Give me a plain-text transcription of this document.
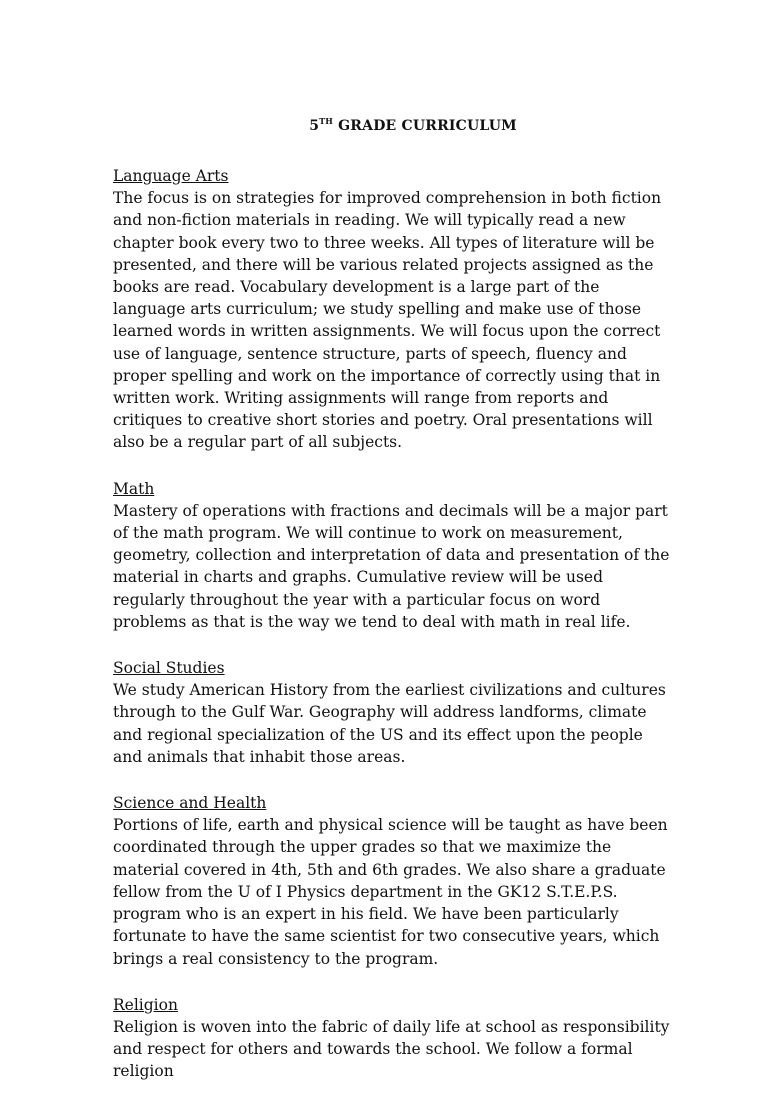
5TH GRADE CURRICULUM
Language Arts

The focus is on strategies for improved comprehension in both fiction and non-fiction materials in reading. We will typically read a new chapter book every two to three weeks. All types of literature will be presented, and there will be various related projects assigned as the books are read. Vocabulary development is a large part of the language arts curriculum; we study spelling and make use of those learned words in written assignments. We will focus upon the correct use of language, sentence structure, parts of speech, fluency and proper spelling and work on the importance of correctly using that in written work. Writing assignments will range from reports and critiques to creative short stories and poetry. Oral presentations will also be a regular part of all subjects.

Math

Mastery of operations with fractions and decimals will be a major part of the math program. We will continue to work on measurement, geometry, collection and interpretation of data and presentation of the material in charts and graphs. Cumulative review will be used regularly throughout the year with a particular focus on word problems as that is the way we tend to deal with math in real life.

Social Studies

We study American History from the earliest civilizations and cultures through to the Gulf War. Geography will address landforms, climate and regional specialization of the US and its effect upon the people and animals that inhabit those areas.

Science and Health

Portions of life, earth and physical science will be taught as have been coordinated through the upper grades so that we maximize the material covered in 4th, 5th and 6th grades. We also share a graduate fellow from the U of I Physics department in the GK12 S.T.E.P.S. program who is an expert in his field. We have been particularly fortunate to have the same scientist for two consecutive years, which brings a real consistency to the program.

Religion

Religion is woven into the fabric of daily life at school as responsibility and respect for others and towards the school. We follow a formal religion
